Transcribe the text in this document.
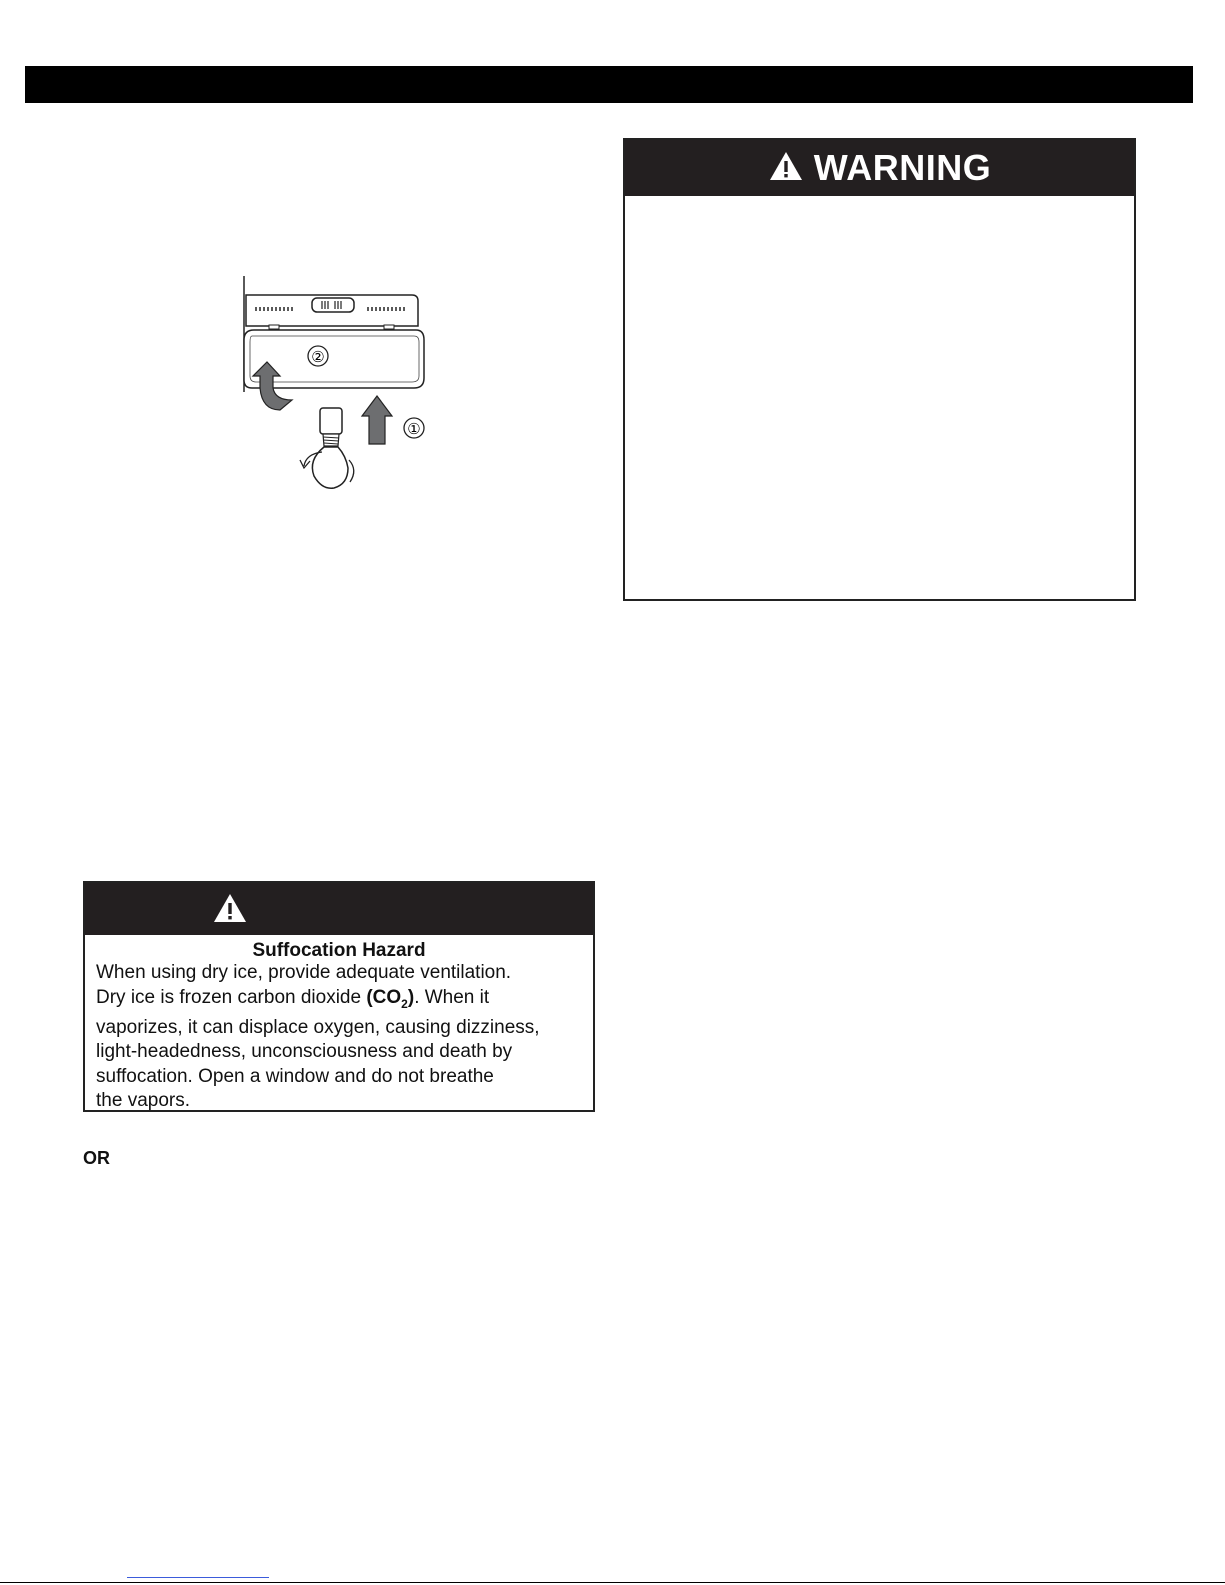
②
①
WARNING
Suffocation Hazard
When using dry ice, provide adequate ventilation.
Dry ice is frozen carbon dioxide $(CO_2)$. When it
vaporizes, it can displace oxygen, causing dizziness,
light-headedness, unconsciousness and death by
suffocation. Open a window and do not breathe
the vapors.
OR
